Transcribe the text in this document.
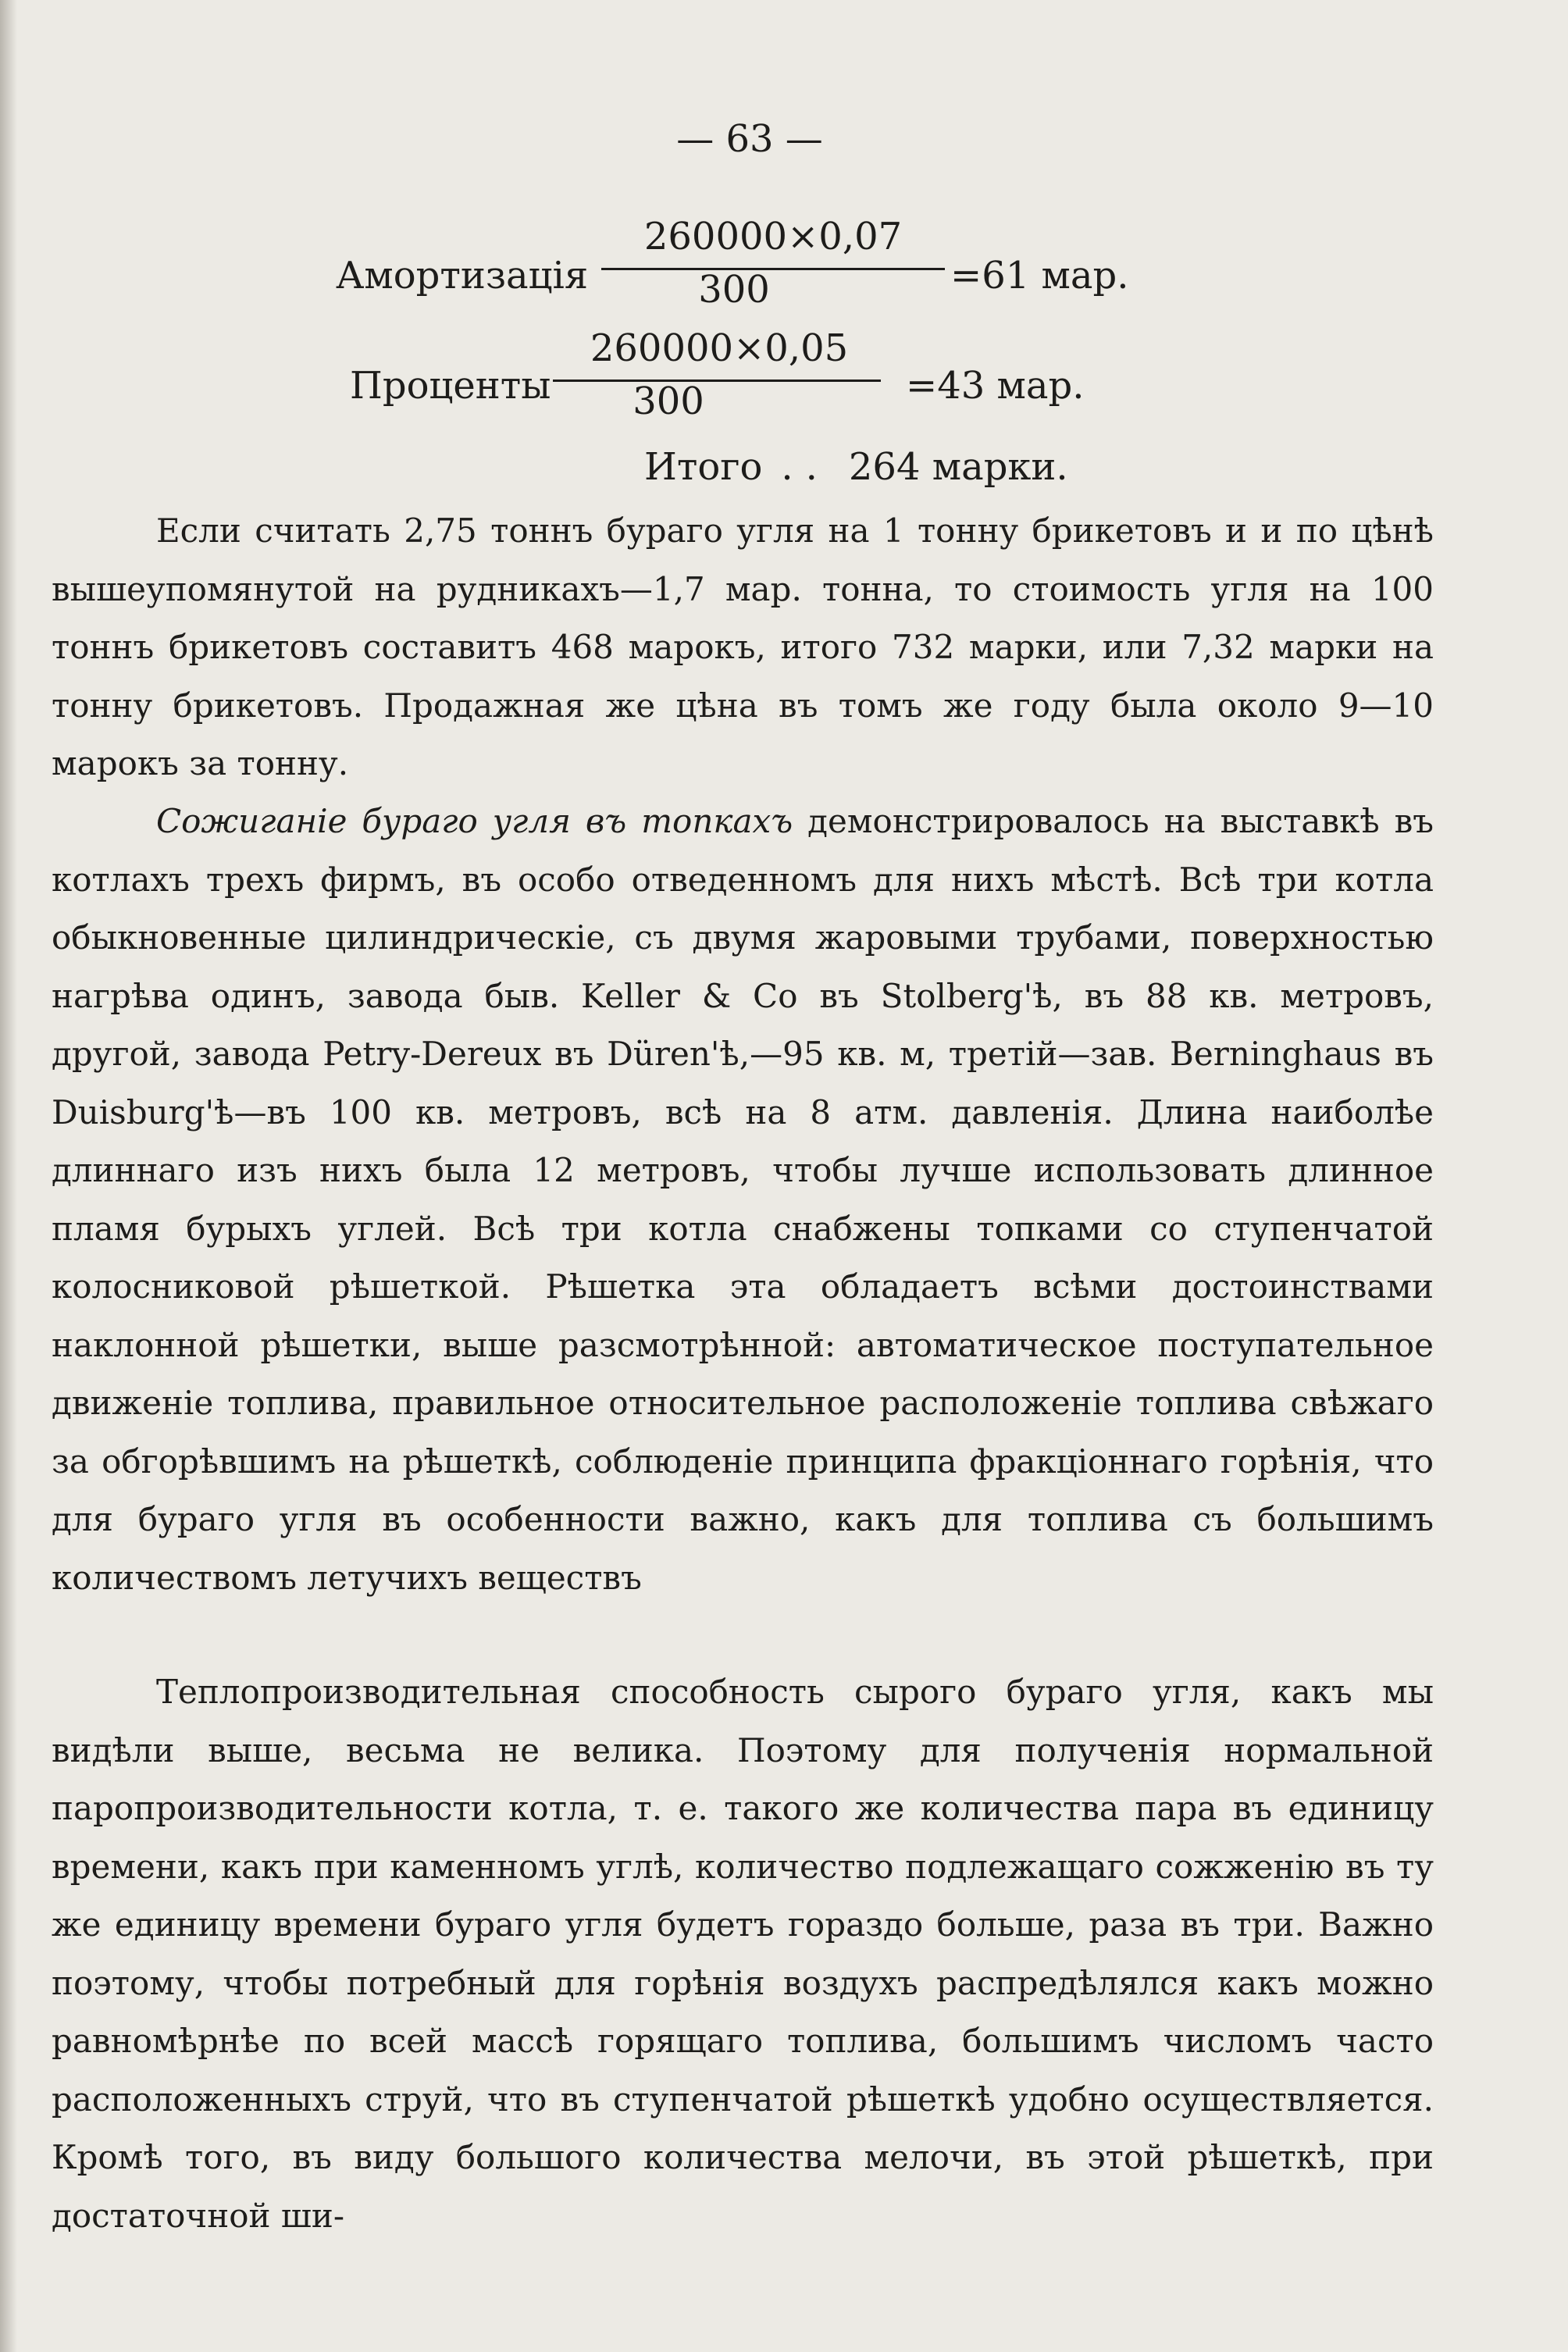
— 63 —
Амортизація
260000×0,07
300	=61 мар.
Проценты
260000×0,05
300	=43 мар.
Итого .. 264 марки.
Если считать 2,75 тоннъ бураго угля на 1 тонну брикетовъ и и по цѣнѣ вышеупомянутой на рудникахъ—1,7 мар. тонна, то стоимость угля на 100 тоннъ брикетовъ составитъ 468 марокъ, итого 732 марки, или 7,32 марки на тонну брикетовъ. Продажная же цѣна въ томъ же году была около 9—10 марокъ за тонну.
Сожиганіе бураго угля въ топкахъ демонстрировалось на выставкѣ въ котлахъ трехъ фирмъ, въ особо отведенномъ для нихъ мѣстѣ. Всѣ три котла обыкновенные цилиндрическіе, съ двумя жаровыми трубами, поверхностью нагрѣва одинъ, завода быв. Keller & Co въ Stolberg'ѣ, въ 88 кв. метровъ, другой, завода Petry-Dereux въ Düren'ѣ,—95 кв. м, третій—зав. Berninghaus въ Duisburg'ѣ—въ 100 кв. метровъ, всѣ на 8 атм. давленія. Длина наиболѣе длиннаго изъ нихъ была 12 метровъ, чтобы лучше использовать длинное пламя бурыхъ углей. Всѣ три котла снабжены топками со ступенчатой колосниковой рѣшеткой. Рѣшетка эта обладаетъ всѣми достоинствами наклонной рѣшетки, выше разсмотрѣнной: автоматическое поступательное движеніе топлива, правильное относительное расположеніе топлива свѣжаго за обгорѣвшимъ на рѣшеткѣ, соблюденіе принципа фракціоннаго горѣнія, что для бураго угля въ особенности важно, какъ для топлива съ большимъ количествомъ летучихъ веществъ
Теплопроизводительная способность сырого бураго угля, какъ мы видѣли выше, весьма не велика. Поэтому для полученія нормальной паропроизводительности котла, т. е. такого же количества пара въ единицу времени, какъ при каменномъ углѣ, количество подлежащаго сожженію въ ту же единицу времени бураго угля будетъ гораздо больше, раза въ три. Важно поэтому, чтобы потребный для горѣнія воздухъ распредѣлялся какъ можно равномѣрнѣе по всей массѣ горящаго топлива, большимъ числомъ часто расположенныхъ струй, что въ ступенчатой рѣшеткѣ удобно осуществляется. Кромѣ того, въ виду большого количества мелочи, въ этой рѣшеткѣ, при достаточной ши-
